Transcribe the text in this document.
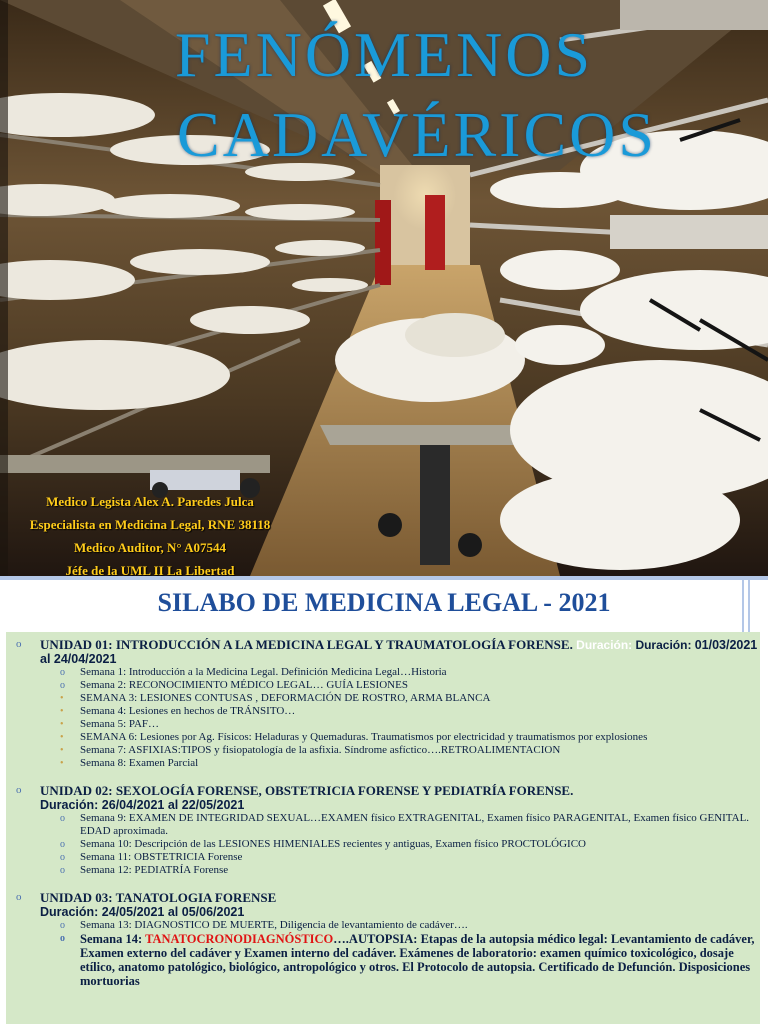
FENÓMENOS
CADAVÉRICOS
Medico Legista Alex A. Paredes Julca
Especialista en Medicina Legal, RNE 38118
Medico Auditor, N° A07544
Jéfe de la UML II La Libertad
SILABO DE MEDICINA LEGAL - 2021
o UNIDAD 01: INTRODUCCIÓN A LA MEDICINA LEGAL Y TRAUMATOLOGÍA FORENSE. Duración: Duración: 01/03/2021 al 24/04/2021
o Semana 1: Introducción a la Medicina Legal. Definición Medicina Legal…Historia
o Semana 2: RECONOCIMIENTO MÉDICO LEGAL… GUÍA LESIONES
• SEMANA 3: LESIONES CONTUSAS , DEFORMACIÓN DE ROSTRO, ARMA BLANCA
• Semana 4: Lesiones en hechos de TRÁNSITO…
• Semana 5: PAF…
• SEMANA 6: Lesiones por Ag. Físicos: Heladuras y Quemaduras. Traumatismos por electricidad y traumatismos por explosiones
• Semana 7: ASFIXIAS:TIPOS y fisiopatología de la asfixia. Síndrome asfíctico….RETROALIMENTACION
• Semana 8: Examen Parcial
o UNIDAD 02: SEXOLOGÍA FORENSE, OBSTETRICIA FORENSE Y PEDIATRÍA FORENSE.
Duración: 26/04/2021 al 22/05/2021
o Semana 9: EXAMEN DE INTEGRIDAD SEXUAL…EXAMEN físico EXTRAGENITAL, Examen físico PARAGENITAL, Examen físico GENITAL. EDAD aproximada.
o Semana 10: Descripción de las LESIONES HIMENIALES recientes y antiguas, Examen físico PROCTOLÓGICO
o Semana 11: OBSTETRICIA Forense
o Semana 12: PEDIATRÍA Forense
o UNIDAD 03: TANATOLOGIA FORENSE
Duración: 24/05/2021 al 05/06/2021
o Semana 13: DIAGNOSTICO DE MUERTE, Diligencia de levantamiento de cadáver….
o Semana 14: TANATOCRONODIAGNÓSTICO….AUTOPSIA: Etapas de la autopsia médico legal: Levantamiento de cadáver, Examen externo del cadáver y Examen interno del cadáver. Exámenes de laboratorio: examen químico toxicológico, dosaje etílico, anatomo patológico, biológico, antropológico y otros. El Protocolo de autopsia. Certificado de Defunción. Disposiciones mortuorias
